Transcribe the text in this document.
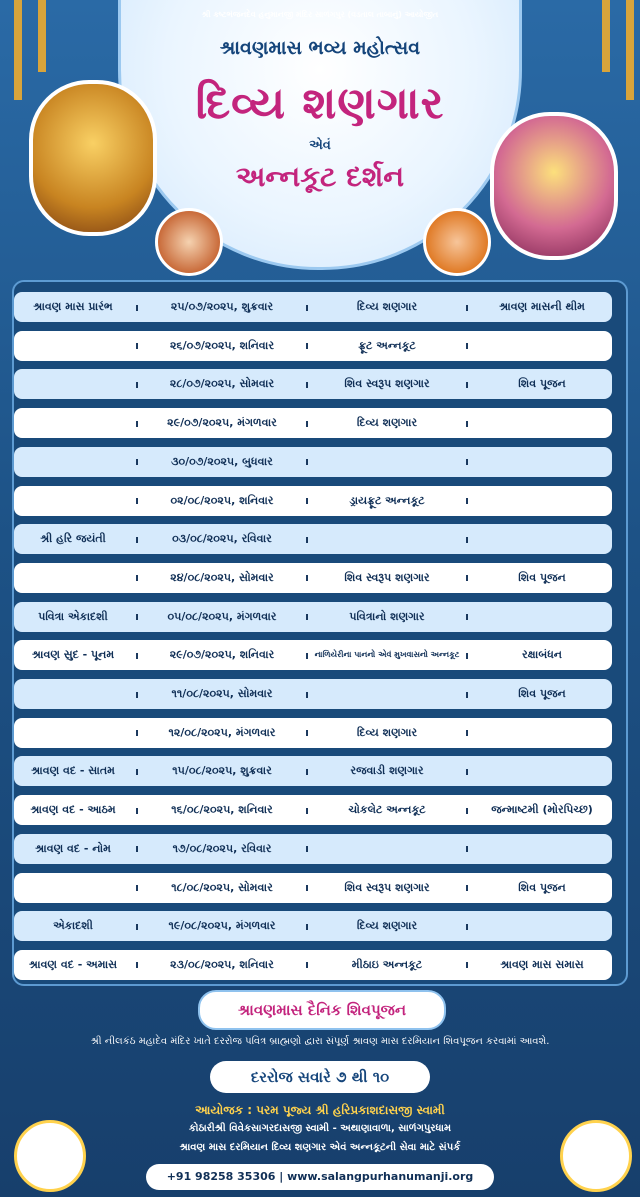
શ્રી કષ્ટભંજનદેવ હનુમાનજી મંદિર સાળંગપુર (વડતાલ તાબાનું) આયોજીત
શ્રાવણમાસ ભવ્ય મહોત્સવ
દિવ્ય શણગાર
એવં
અન્નકૂટ દર્શન
શ્રાવણ માસ પ્રારંભ	ı	૨૫/૦૭/૨૦૨૫, શુક્રવાર	ı	દિવ્ય શણગાર	ı	શ્રાવણ માસની થીમ
ı	૨૬/૦૭/૨૦૨૫, શનિવાર	ı	ફ્રૂટ અન્નકૂટ	ı
ı	૨૮/૦૭/૨૦૨૫, સોમવાર	ı	શિવ સ્વરૂપ શણગાર	ı	શિવ પૂજન
ı	૨૯/૦૭/૨૦૨૫, મંગળવાર	ı	દિવ્ય શણગાર	ı
ı	૩૦/૦૭/૨૦૨૫, બુધવાર	ı	ı
ı	૦૨/૦૮/૨૦૨૫, શનિવાર	ı	ડ્રાયફ્રૂટ અન્નકૂટ	ı
શ્રી હરિ જયંતી	ı	૦૩/૦૮/૨૦૨૫, રવિવાર	ı	ı
ı	૨૪/૦૮/૨૦૨૫, સોમવાર	ı	શિવ સ્વરૂપ શણગાર	ı	શિવ પૂજન
પવિત્રા એકાદશી	ı	૦૫/૦૮/૨૦૨૫, મંગળવાર	ı	પવિત્રાનો શણગાર	ı
શ્રાવણ સુદ - પૂનમ	ı	૨૯/૦૭/૨૦૨૫, શનિવાર	ı નાળિયેરીના પાનનો એવં મુખવાસનો અન્નકૂટ ı	રક્ષાબંધન
ı	૧૧/૦૮/૨૦૨૫, સોમવાર	ı	ı	શિવ પૂજન
ı	૧૨/૦૮/૨૦૨૫, મંગળવાર	ı	દિવ્ય શણગાર	ı
શ્રાવણ વદ - સાતમ	ı	૧૫/૦૮/૨૦૨૫, શુક્રવાર	ı	રજવાડી શણગાર	ı
શ્રાવણ વદ - આઠમ	ı	૧૬/૦૮/૨૦૨૫, શનિવાર	ı	ચોકલેટ અન્નકૂટ	ı	જન્માષ્ટમી (મોરપિચ્છ)
શ્રાવણ વદ - નોમ	ı	૧૭/૦૮/૨૦૨૫, રવિવાર	ı	ı
ı	૧૮/૦૮/૨૦૨૫, સોમવાર	ı	શિવ સ્વરૂપ શણગાર	ı	શિવ પૂજન
એકાદશી	ı	૧૯/૦૮/૨૦૨૫, મંગળવાર	ı	દિવ્ય શણગાર	ı
શ્રાવણ વદ - અમાસ	ı	૨૩/૦૮/૨૦૨૫, શનિવાર	ı	મીઠાઇ અન્નકૂટ	ı	શ્રાવણ માસ સમાસ
શ્રાવણમાસ દૈનિક શિવપૂજન
શ્રી નીલકંઠ મહાદેવ મંદિર ખાતે દરરોજ પવિત્ર બ્રાહ્મણો દ્વારા સંપૂર્ણ શ્રાવણ માસ દરમિયાન શિવપૂજન કરવામાં આવશે.
દરરોજ સવારે ૭ થી ૧૦
આયોજક : પરમ પૂજ્ય શ્રી હરિપ્રકાશદાસજી સ્વામી
કોઠારીશ્રી વિવેકસાગરદાસજી સ્વામી - અથાણાવાળા, સાળંગપુરધામ
શ્રાવણ માસ દરમિયાન દિવ્ય શણગાર એવં અન્નકૂટની સેવા માટે સંપર્ક
+91 98258 35306 | www.salangpurhanumanji.org
